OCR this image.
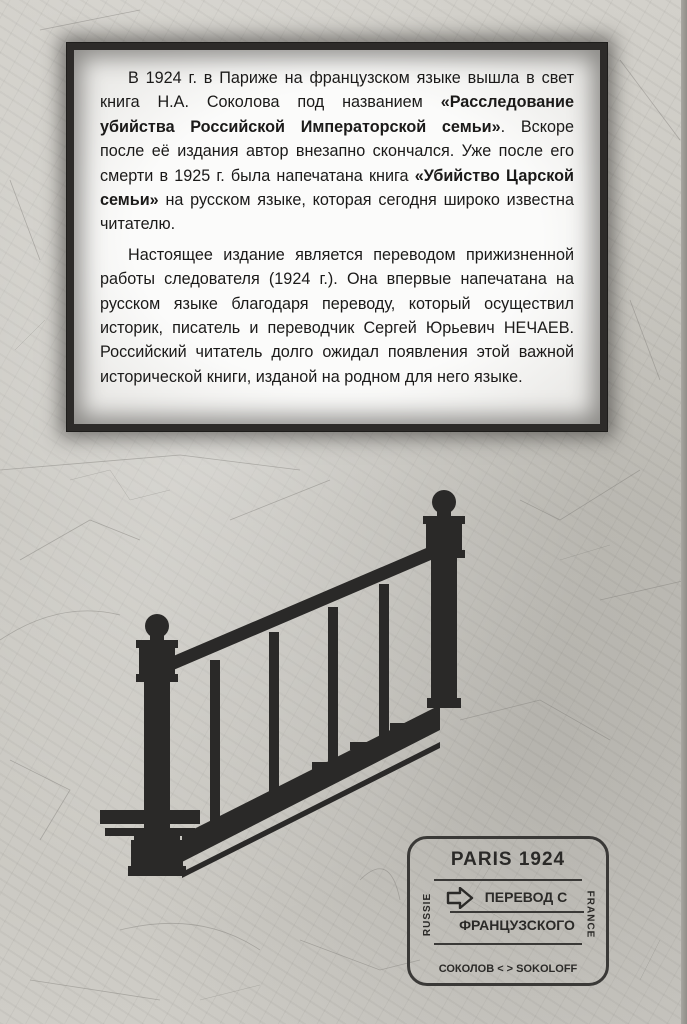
В 1924 г. в Париже на французском языке вышла в свет книга Н.А. Соколова под названием «Расследование убийства Российской Императорской семьи». Вскоре после её издания автор внезапно скончался. Уже после его смерти в 1925 г. была напечатана книга «Убийство Царской семьи» на русском языке, которая сегодня широко известна читателю.

Настоящее издание является переводом прижизненной работы следователя (1924 г.). Она впервые напечатана на русском языке благодаря переводу, который осуществил историк, писатель и переводчик Сергей Юрьевич НЕЧАЕВ. Российский читатель долго ожидал появления этой важной исторической книги, изданой на родном для него языке.

PARIS 1924
RUSSIE	FRANCE
ПЕРЕВОД С
ФРАНЦУЗСКОГО
СОКОЛОВ < > SOKOLOFF
